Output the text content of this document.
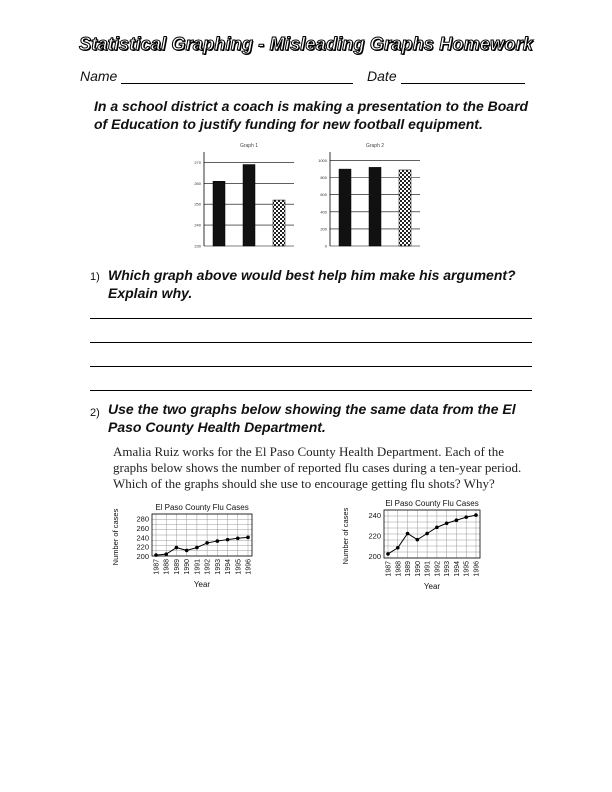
Statistical Graphing - Misleading Graphs Homework
Name	Date
In a school district a coach is making a presentation to the Board of Education to justify funding for new football equipment.
Graph 1
230
240
250
260
270
Graph 2
0
200
400
600
800
1000
1) Which graph above would best help him make his argument? Explain why.
2) Use the two graphs below showing the same data from the El Paso County Health Department.
Amalia Ruiz works for the El Paso County Health Department. Each of the graphs below shows the number of reported flu cases during a ten-year period. Which of the graphs should she use to encourage getting flu shots? Why?
El Paso County Flu Cases
200
220
240
260
280
Number of cases
1987 1988 1989 1990 1991 1992 1993 1994 1995 1996
Year
El Paso County Flu Cases
200
220
240
Number of cases
1987 1988 1989 1990 1991 1992 1993 1994 1995 1996
Year
